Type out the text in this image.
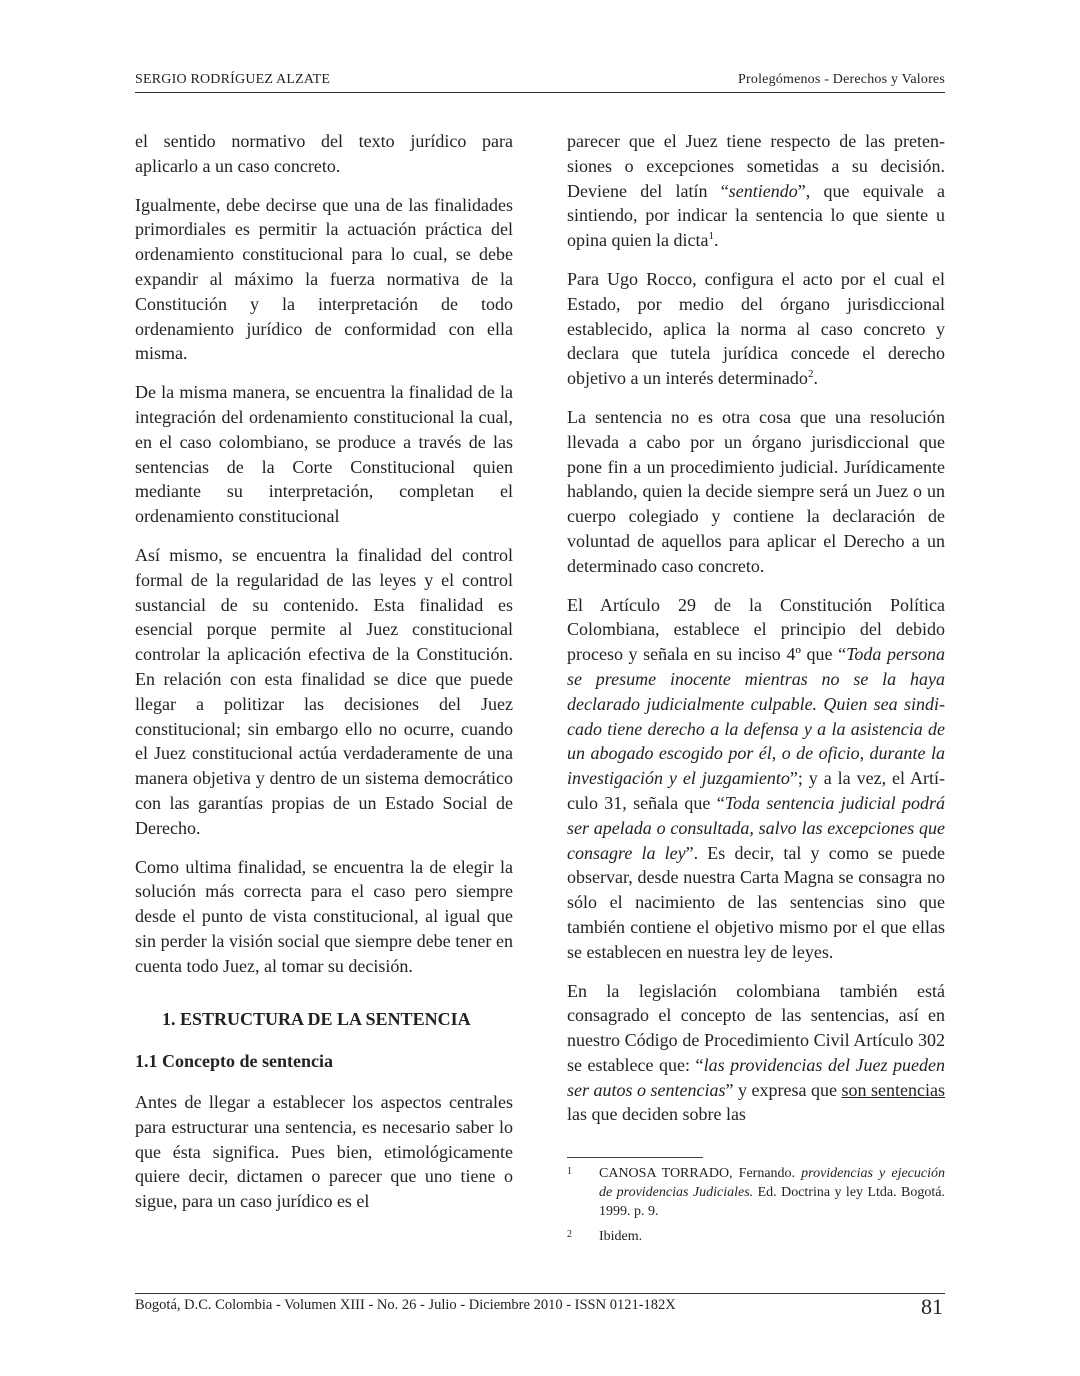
SERGIO RODRÍGUEZ ALZATE	Prolegómenos - Derechos y Valores

el sentido normativo del texto jurídico para aplicarlo a un caso concreto.

Igualmente, debe decirse que una de las finalidades primordiales es permitir la actuación práctica del ordenamiento constitucional para lo cual, se debe expandir al máximo la fuerza normativa de la Constitución y la interpretación de todo ordenamiento jurídico de conformidad con ella misma.

De la misma manera, se encuentra la finalidad de la integración del ordenamiento constitucional la cual, en el caso colombiano, se produce a través de las sentencias de la Corte Constitucional quien mediante su interpretación, completan el ordenamiento constitucional

Así mismo, se encuentra la finalidad del control formal de la regularidad de las leyes y el control sustancial de su contenido. Esta finalidad es esencial porque permite al Juez constitucional controlar la aplicación efectiva de la Constitución. En relación con esta finalidad se dice que puede llegar a politizar las decisiones del Juez constitucional; sin embargo ello no ocurre, cuando el Juez constitucional actúa verdaderamente de una manera objetiva y dentro de un sistema democrático con las garantías propias de un Estado Social de Derecho.

Como ultima finalidad, se encuentra la de elegir la solución más correcta para el caso pero siempre desde el punto de vista constitucional, al igual que sin perder la visión social que siempre debe tener en cuenta todo Juez, al tomar su decisión.

1. ESTRUCTURA DE LA SENTENCIA

1.1 Concepto de sentencia

Antes de llegar a establecer los aspectos centrales para estructurar una sentencia, es necesario saber lo que ésta significa. Pues bien, etimológicamente quiere decir, dictamen o parecer que uno tiene o sigue, para un caso jurídico es el

parecer que el Juez tiene respecto de las pretensiones o excepciones sometidas a su decisión. Deviene del latín “sentiendo”, que equivale a sintiendo, por indicar la sentencia lo que siente u opina quien la dicta$^1$.

Para Ugo Rocco, configura el acto por el cual el Estado, por medio del órgano jurisdiccional establecido, aplica la norma al caso concreto y declara que tutela jurídica concede el derecho objetivo a un interés determinado$^2$.

La sentencia no es otra cosa que una resolución llevada a cabo por un órgano jurisdiccional que pone fin a un procedimiento judicial. Jurídicamente hablando, quien la decide siempre será un Juez o un cuerpo colegiado y contiene la declaración de voluntad de aquellos para aplicar el Derecho a un determinado caso concreto.

El Artículo 29 de la Constitución Política Colombiana, establece el principio del debido proceso y señala en su inciso 4º que “Toda persona se presume inocente mientras no se la haya declarado judicialmente culpable. Quien sea sindicado tiene derecho a la defensa y a la asistencia de un abogado escogido por él, o de oficio, durante la investigación y el juzgamiento”; y a la vez, el Artículo 31, señala que “Toda sentencia judicial podrá ser apelada o consultada, salvo las excepciones que consagre la ley”. Es decir, tal y como se puede observar, desde nuestra Carta Magna se consagra no sólo el nacimiento de las sentencias sino que también contiene el objetivo mismo por el que ellas se establecen en nuestra ley de leyes.

En la legislación colombiana también está consagrado el concepto de las sentencias, así en nuestro Código de Procedimiento Civil Artículo 302 se establece que: “las providencias del Juez pueden ser autos o sentencias” y expresa que son sentencias las que deciden sobre las

1 CANOSA TORRADO, Fernando. providencias y ejecución de providencias Judiciales. Ed. Doctrina y ley Ltda. Bogotá. 1999. p. 9.
2 Ibidem.
Bogotá, D.C. Colombia - Volumen XIII - No. 26 - Julio - Diciembre 2010 - ISSN 0121-182X	81
